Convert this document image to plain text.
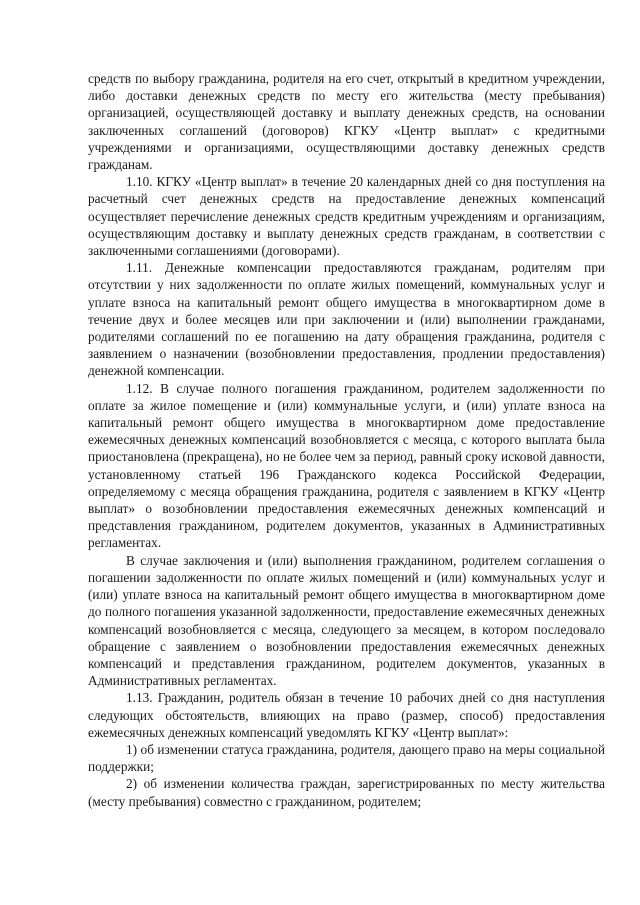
средств по выбору гражданина, родителя на его счет, открытый в кредитном учреждении, либо доставки денежных средств по месту его жительства (месту пребывания) организацией, осуществляющей доставку и выплату денежных средств, на основании заключенных соглашений (договоров) КГКУ «Центр выплат» с кредитными учреждениями и организациями, осуществляющими доставку денежных средств гражданам.

1.10. КГКУ «Центр выплат» в течение 20 календарных дней со дня поступления на расчетный счет денежных средств на предоставление денежных компенсаций осуществляет перечисление денежных средств кредитным учреждениям и организациям, осуществляющим доставку и выплату денежных средств гражданам, в соответствии с заключенными соглашениями (договорами).

1.11. Денежные компенсации предоставляются гражданам, родителям при отсутствии у них задолженности по оплате жилых помещений, коммунальных услуг и уплате взноса на капитальный ремонт общего имущества в многоквартирном доме в течение двух и более месяцев или при заключении и (или) выполнении гражданами, родителями соглашений по ее погашению на дату обращения гражданина, родителя с заявлением о назначении (возобновлении предоставления, продлении предоставления) денежной компенсации.

1.12. В случае полного погашения гражданином, родителем задолженности по оплате за жилое помещение и (или) коммунальные услуги, и (или) уплате взноса на капитальный ремонт общего имущества в многоквартирном доме предоставление ежемесячных денежных компенсаций возобновляется с месяца, с которого выплата была приостановлена (прекращена), но не более чем за период, равный сроку исковой давности, установленному статьей 196 Гражданского кодекса Российской Федерации, определяемому с месяца обращения гражданина, родителя с заявлением в КГКУ «Центр выплат» о возобновлении предоставления ежемесячных денежных компенсаций и представления гражданином, родителем документов, указанных в Административных регламентах.

В случае заключения и (или) выполнения гражданином, родителем соглашения о погашении задолженности по оплате жилых помещений и (или) коммунальных услуг и (или) уплате взноса на капитальный ремонт общего имущества в многоквартирном доме до полного погашения указанной задолженности, предоставление ежемесячных денежных компенсаций возобновляется с месяца, следующего за месяцем, в котором последовало обращение с заявлением о возобновлении предоставления ежемесячных денежных компенсаций и представления гражданином, родителем документов, указанных в Административных регламентах.

1.13. Гражданин, родитель обязан в течение 10 рабочих дней со дня наступления следующих обстоятельств, влияющих на право (размер, способ) предоставления ежемесячных денежных компенсаций уведомлять КГКУ «Центр выплат»:

1) об изменении статуса гражданина, родителя, дающего право на меры социальной поддержки;

2) об изменении количества граждан, зарегистрированных по месту жительства (месту пребывания) совместно с гражданином, родителем;
